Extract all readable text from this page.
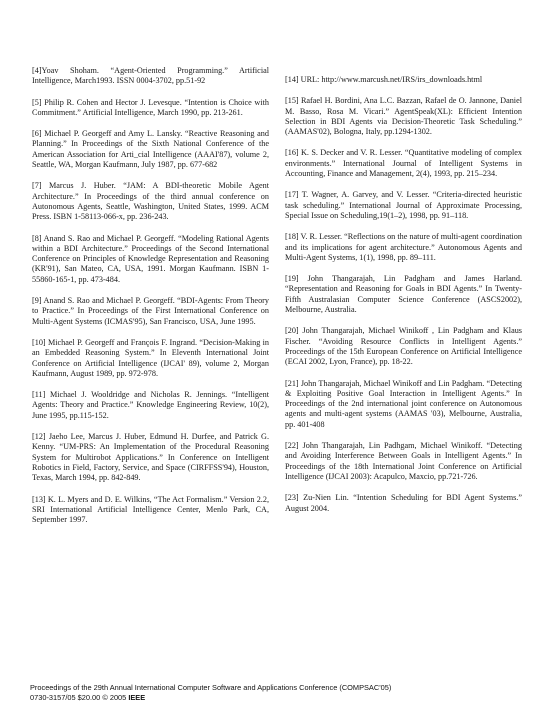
[4]Yoav Shoham. “Agent-Oriented Programming.” Artificial Intelligence, March1993. ISSN 0004-3702, pp.51-92

[5] Philip R. Cohen and Hector J. Levesque. “Intention is Choice with Commitment.” Artificial Intelligence, March 1990, pp. 213-261.

[6] Michael P. Georgeff and Amy L. Lansky. “Reactive Reasoning and Planning.” In Proceedings of the Sixth National Conference of the American Association for Arti_cial Intelligence (AAAI'87), volume 2, Seattle, WA, Morgan Kaufmann, July 1987, pp. 677-682

[7] Marcus J. Huber. “JAM: A BDI-theoretic Mobile Agent Architecture.” In Proceedings of the third annual conference on Autonomous Agents, Seattle, Washington, United States, 1999. ACM Press. ISBN 1-58113-066-x, pp. 236-243.

[8] Anand S. Rao and Michael P. Georgeff. “Modeling Rational Agents within a BDI Architecture.” Proceedings of the Second International Conference on Principles of Knowledge Representation and Reasoning (KR'91), San Mateo, CA, USA, 1991. Morgan Kaufmann. ISBN 1-55860-165-1, pp. 473-484.

[9] Anand S. Rao and Michael P. Georgeff. “BDI-Agents: From Theory to Practice.” In Proceedings of the First International Conference on Multi-Agent Systems (ICMAS'95), San Francisco, USA, June 1995.

[10] Michael P. Georgeff and François F. Ingrand. “Decision-Making in an Embedded Reasoning System.” In Eleventh International Joint Conference on Artificial Intelligence (IJCAI' 89), volume 2, Morgan Kaufmann, August 1989, pp. 972-978.

[11] Michael J. Wooldridge and Nicholas R. Jennings. “Intelligent Agents: Theory and Practice.” Knowledge Engineering Review, 10(2), June 1995, pp.115-152.

[12] Jaeho Lee, Marcus J. Huber, Edmund H. Durfee, and Patrick G. Kenny. “UM-PRS: An Implementation of the Procedural Reasoning System for Multirobot Applications.” In Conference on Intelligent Robotics in Field, Factory, Service, and Space (CIRFFSS'94), Houston, Texas, March 1994, pp. 842-849.

[13] K. L. Myers and D. E. Wilkins, “The Act Formalism.” Version 2.2, SRI International Artificial Intelligence Center, Menlo Park, CA, September 1997.

[14] URL: http://www.marcush.net/IRS/irs_downloads.html

[15] Rafael H. Bordini, Ana L.C. Bazzan, Rafael de O. Jannone, Daniel M. Basso, Rosa M. Vicari.” AgentSpeak(XL): Efficient Intention Selection in BDI Agents via Decision-Theoretic Task Scheduling.” (AAMAS'02), Bologna, Italy, pp.1294-1302.

[16] K. S. Decker and V. R. Lesser. “Quantitative modeling of complex environments.” International Journal of Intelligent Systems in Accounting, Finance and Management, 2(4), 1993, pp. 215–234.

[17] T. Wagner, A. Garvey, and V. Lesser. “Criteria-directed heuristic task scheduling.” International Journal of Approximate Processing, Special Issue on Scheduling,19(1–2), 1998, pp. 91–118.

[18] V. R. Lesser. “Reflections on the nature of multi-agent coordination and its implications for agent architecture.” Autonomous Agents and Multi-Agent Systems, 1(1), 1998, pp. 89–111.

[19] John Thangarajah, Lin Padgham and James Harland. “Representation and Reasoning for Goals in BDI Agents.” In Twenty-Fifth Australasian Computer Science Conference (ASCS2002), Melbourne, Australia.

[20] John Thangarajah, Michael Winikoff , Lin Padgham and Klaus Fischer. “Avoiding Resource Conflicts in Intelligent Agents.” Proceedings of the 15th European Conference on Artificial Intelligence (ECAI 2002, Lyon, France), pp. 18-22.

[21] John Thangarajah, Michael Winikoff and Lin Padgham. “Detecting & Exploiting Positive Goal Interaction in Intelligent Agents.” In Proceedings of the 2nd international joint conference on Autonomous agents and multi-agent systems (AAMAS '03), Melbourne, Australia, pp. 401-408

[22] John Thangarajah, Lin Padhgam, Michael Winikoff. “Detecting and Avoiding Interference Between Goals in Intelligent Agents.” In Proceedings of the 18th International Joint Conference on Artificial Intelligence (IJCAI 2003): Acapulco, Maxcio, pp.721-726.

[23] Zu-Nien Lin. “Intention Scheduling for BDI Agent Systems.” August 2004.

Proceedings of the 29th Annual International Computer Software and Applications Conference (COMPSAC'05)
0730-3157/05 $20.00 © 2005 IEEE
